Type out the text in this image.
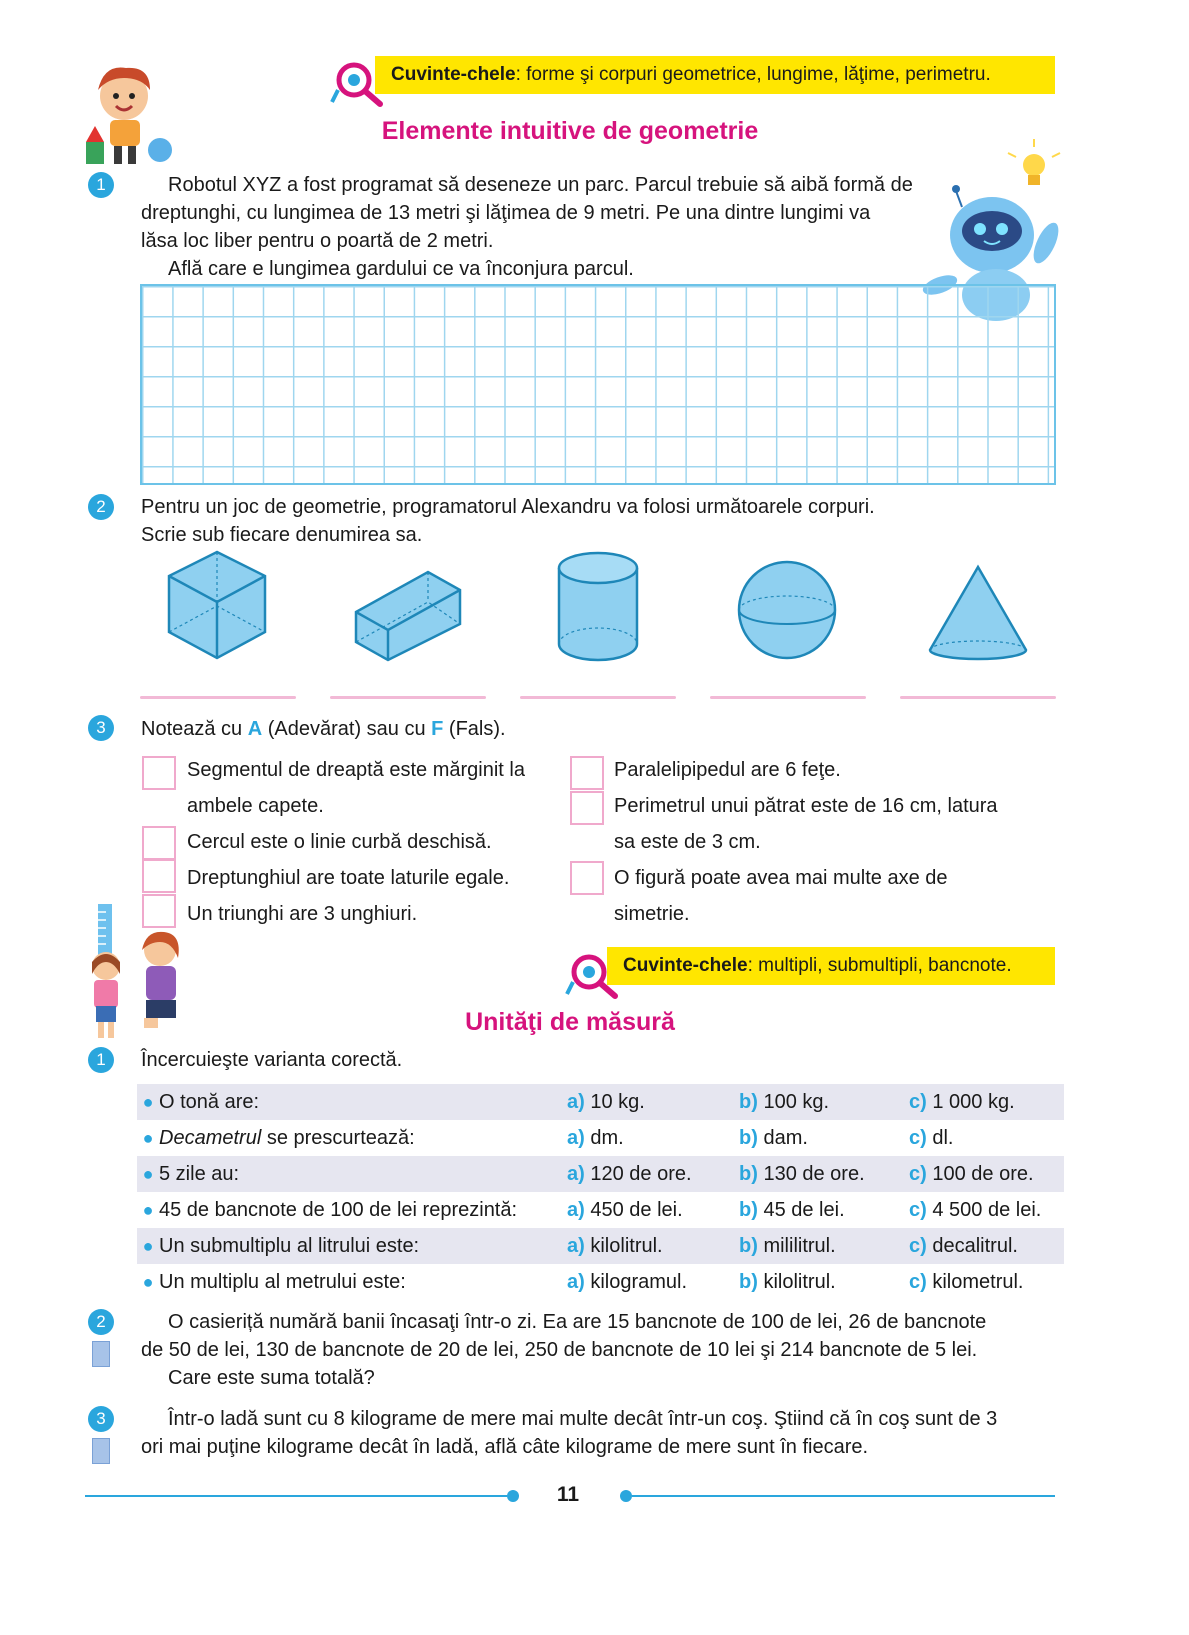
Cuvinte-chele : forme şi corpuri geometrice, lungime, lăţime, perimetru.
Elemente intuitive de geometrie
1	Robotul XYZ a fost programat să deseneze un parc. Parcul trebuie să aibă formă de
dreptunghi, cu lungimea de 13 metri şi lăţimea de 9 metri. Pe una dintre lungimi va
lăsa loc liber pentru o poartă de 2 metri.
Află care e lungimea gardului ce va înconjura parcul.
2	Pentru un joc de geometrie, programatorul Alexandru va folosi următoarele corpuri.
Scrie sub fiecare denumirea sa.
3	Notează cu A (Adevărat) sau cu F (Fals).
Segmentul de dreaptă este mărginit la
ambele capete.
Cercul este o linie curbă deschisă.
Dreptunghiul are toate laturile egale.
Un triunghi are 3 unghiuri.
Paralelipipedul are 6 feţe.
Perimetrul unui pătrat este de 16 cm, latura
sa este de 3 cm.
O figură poate avea mai multe axe de
simetrie.
Cuvinte-chele : multipli, submultipli, bancnote.
Unităţi de măsură
1	Încercuieşte varianta corectă.
● O tonă are:	a) 10 kg.	b) 100 kg.	c) 1 000 kg.
● Decametrul se prescurtează:	a) dm.	b) dam.	c) dl.
● 5 zile au:	a) 120 de ore.	b) 130 de ore.	c) 100 de ore.
● 45 de bancnote de 100 de lei reprezintă:	a) 450 de lei.	b) 45 de lei.	c) 4 500 de lei.
● Un submultiplu al litrului este:	a) kilolitrul.	b) mililitrul.	c) decalitrul.
● Un multiplu al metrului este:	a) kilogramul.	b) kilolitrul.	c) kilometrul.
2	O casieriță numără banii încasaţi într-o zi. Ea are 15 bancnote de 100 de lei, 26 de bancnote
de 50 de lei, 130 de bancnote de 20 de lei, 250 de bancnote de 10 lei şi 214 bancnote de 5 lei.
Care este suma totală?
3	Într-o ladă sunt cu 8 kilograme de mere mai multe decât într-un coş. Ştiind că în coş sunt de 3
ori mai puţine kilograme decât în ladă, află câte kilograme de mere sunt în fiecare.
11
